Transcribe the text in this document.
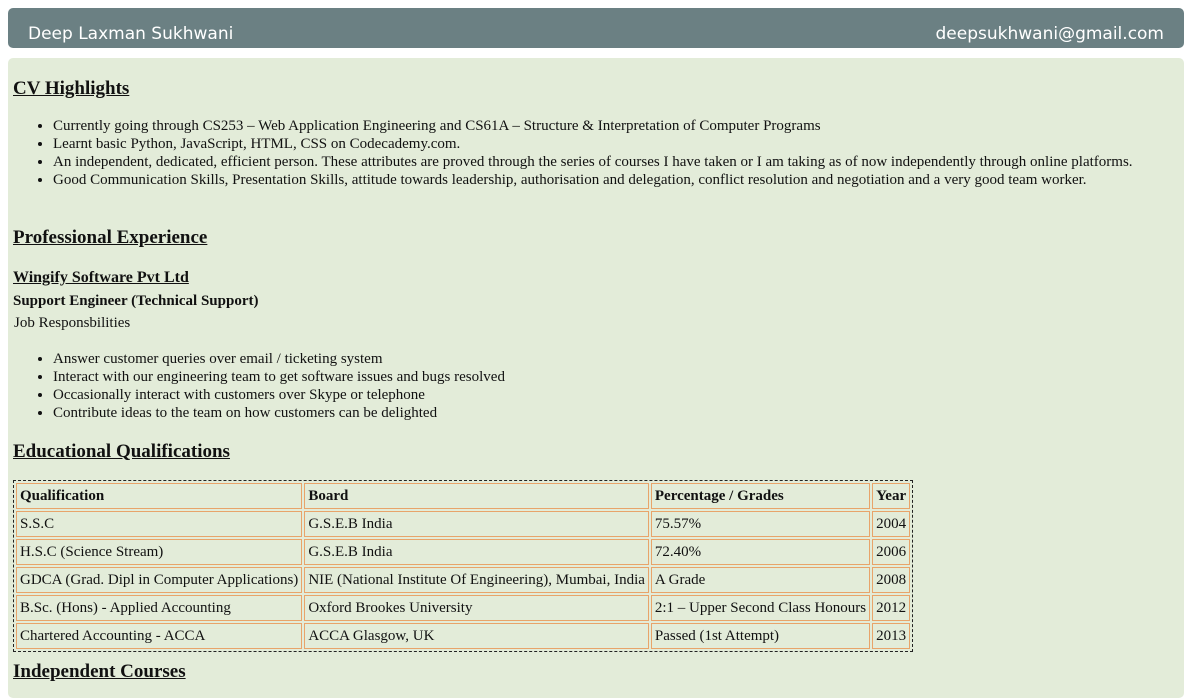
Deep Laxman Sukhwani	deepsukhwani@gmail.com
CV Highlights
• Currently going through CS253 – Web Application Engineering and CS61A – Structure & Interpretation of Computer Programs
• Learnt basic Python, JavaScript, HTML, CSS on Codecademy.com.
• An independent, dedicated, efficient person. These attributes are proved through the series of courses I have taken or I am taking as of now independently through online platforms.
• Good Communication Skills, Presentation Skills, attitude towards leadership, authorisation and delegation, conflict resolution and negotiation and a very good team worker.
Professional Experience
Wingify Software Pvt Ltd

Support Engineer (Technical Support)

Job Responsbilities

• Answer customer queries over email / ticketing system
• Interact with our engineering team to get software issues and bugs resolved
• Occasionally interact with customers over Skype or telephone
• Contribute ideas to the team on how customers can be delighted
Educational Qualifications
Qualification	Board	Percentage / Grades	Year
S.S.C	G.S.E.B India	75.57%	2004
H.S.C (Science Stream)	G.S.E.B India	72.40%	2006
GDCA (Grad. Dipl in Computer Applications)	NIE (National Institute Of Engineering), Mumbai, India	A Grade	2008
B.Sc. (Hons) - Applied Accounting	Oxford Brookes University	2:1 – Upper Second Class Honours	2012
Chartered Accounting - ACCA	ACCA Glasgow, UK	Passed (1st Attempt)	2013
Independent Courses
